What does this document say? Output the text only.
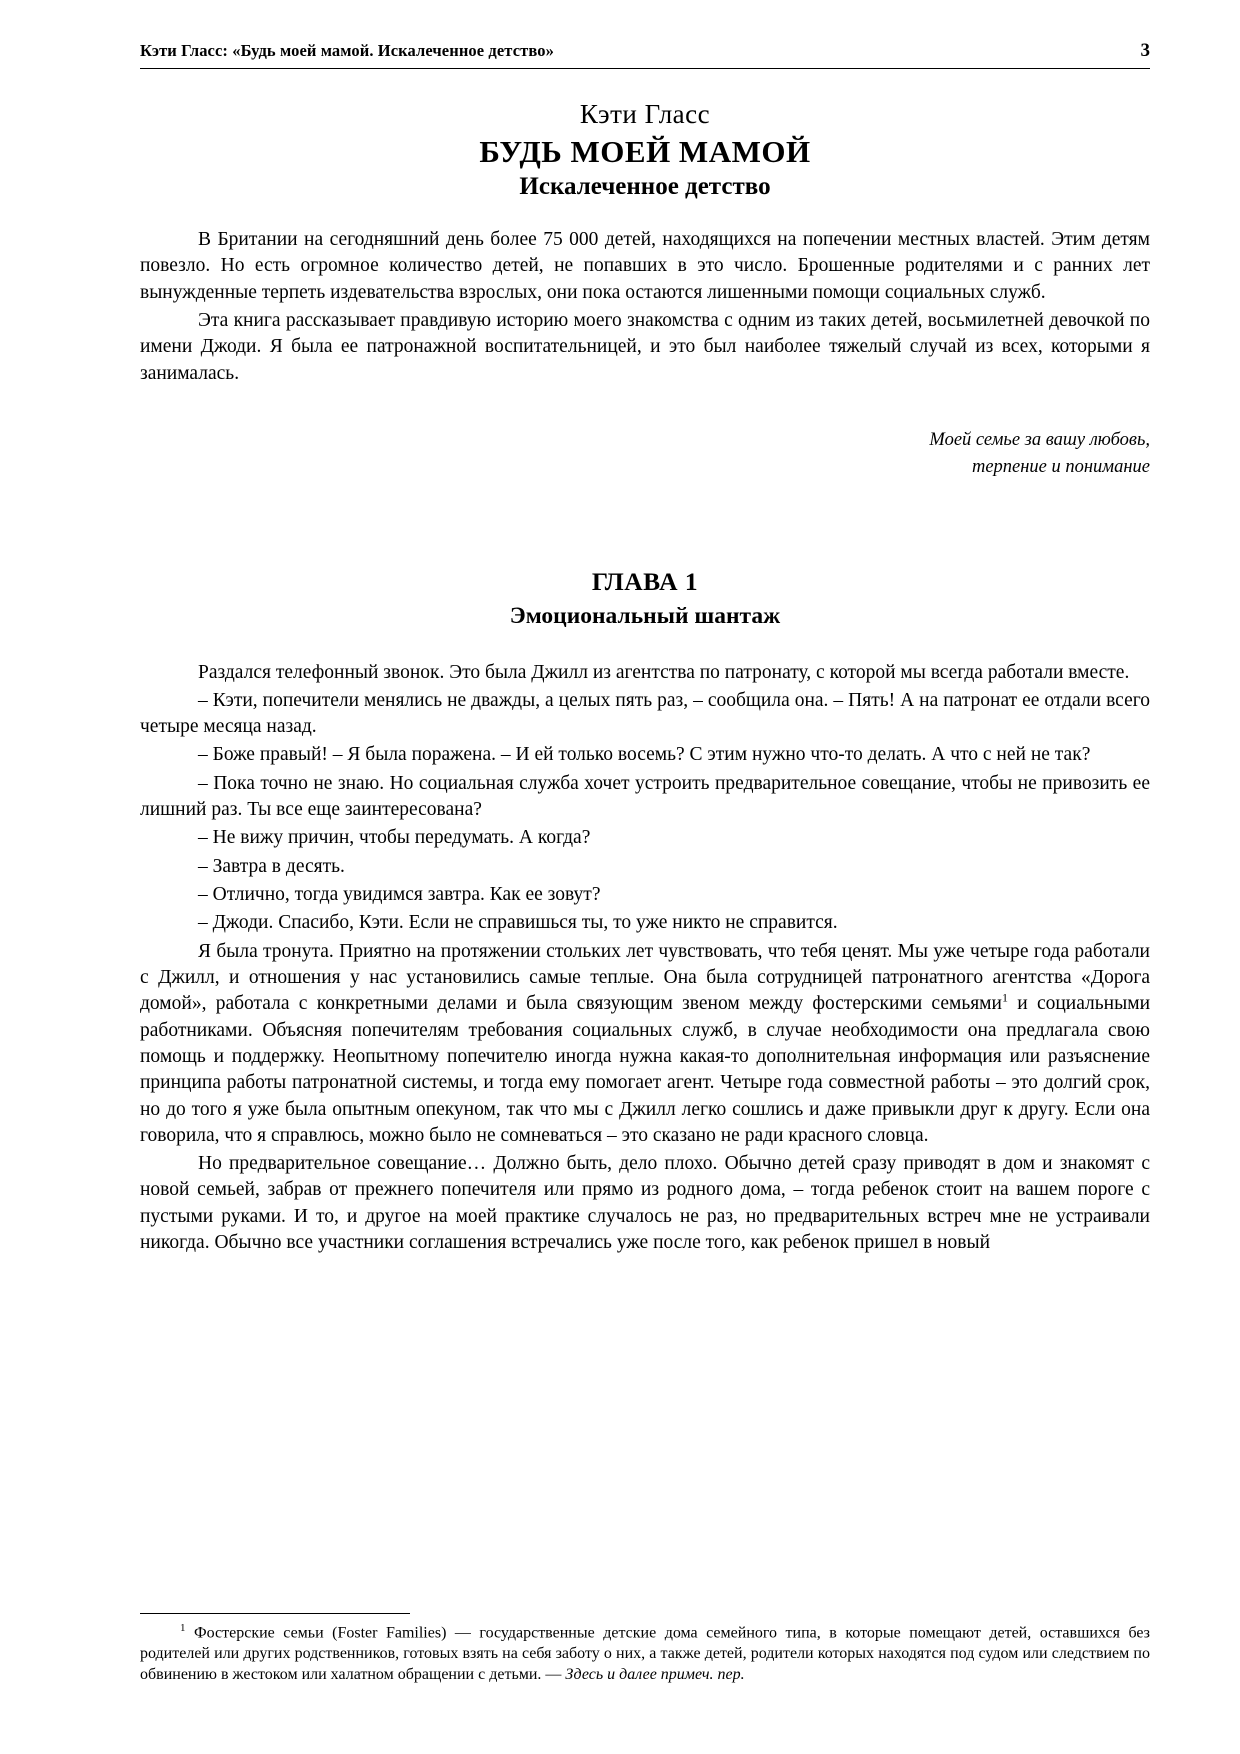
Кэти Гласс: «Будь моей мамой. Искалеченное детство»	3
Кэти Гласс
БУДЬ МОЕЙ МАМОЙ
Искалеченное детство

В Британии на сегодняшний день более 75 000 детей, находящихся на попечении местных властей. Этим детям повезло. Но есть огромное количество детей, не попавших в это число. Брошенные родителями и с ранних лет вынужденные терпеть издевательства взрослых, они пока остаются лишенными помощи социальных служб.

Эта книга рассказывает правдивую историю моего знакомства с одним из таких детей, восьмилетней девочкой по имени Джоди. Я была ее патронажной воспитательницей, и это был наиболее тяжелый случай из всех, которыми я занималась.

Моей семье за вашу любовь,
терпение и понимание
ГЛАВА 1
Эмоциональный шантаж

Раздался телефонный звонок. Это была Джилл из агентства по патронату, с которой мы всегда работали вместе.

– Кэти, попечители менялись не дважды, а целых пять раз, – сообщила она. – Пять! А на патронат ее отдали всего четыре месяца назад.

– Боже правый! – Я была поражена. – И ей только восемь? С этим нужно что-то делать. А что с ней не так?

– Пока точно не знаю. Но социальная служба хочет устроить предварительное совещание, чтобы не привозить ее лишний раз. Ты все еще заинтересована?

– Не вижу причин, чтобы передумать. А когда?

– Завтра в десять.

– Отлично, тогда увидимся завтра. Как ее зовут?

– Джоди. Спасибо, Кэти. Если не справишься ты, то уже никто не справится.

Я была тронута. Приятно на протяжении стольких лет чувствовать, что тебя ценят. Мы уже четыре года работали с Джилл, и отношения у нас установились самые теплые. Она была сотрудницей патронатного агентства «Дорога домой», работала с конкретными делами и была связующим звеном между фостерскими семьями$^1$ и социальными работниками. Объясняя попечителям требования социальных служб, в случае необходимости она предлагала свою помощь и поддержку. Неопытному попечителю иногда нужна какая-то дополнительная информация или разъяснение принципа работы патронатной системы, и тогда ему помогает агент. Четыре года совместной работы – это долгий срок, но до того я уже была опытным опекуном, так что мы с Джилл легко сошлись и даже привыкли друг к другу. Если она говорила, что я справлюсь, можно было не сомневаться – это сказано не ради красного словца.

Но предварительное совещание… Должно быть, дело плохо. Обычно детей сразу приводят в дом и знакомят с новой семьей, забрав от прежнего попечителя или прямо из родного дома, – тогда ребенок стоит на вашем пороге с пустыми руками. И то, и другое на моей практике случалось не раз, но предварительных встреч мне не устраивали никогда. Обычно все участники соглашения встречались уже после того, как ребенок пришел в новый

$^1$ Фостерские семьи (Foster Families) — государственные детские дома семейного типа, в которые помещают детей, оставшихся без родителей или других родственников, готовых взять на себя заботу о них, а также детей, родители которых находятся под судом или следствием по обвинению в жестоком или халатном обращении с детьми. — Здесь и далее примеч. пер.
